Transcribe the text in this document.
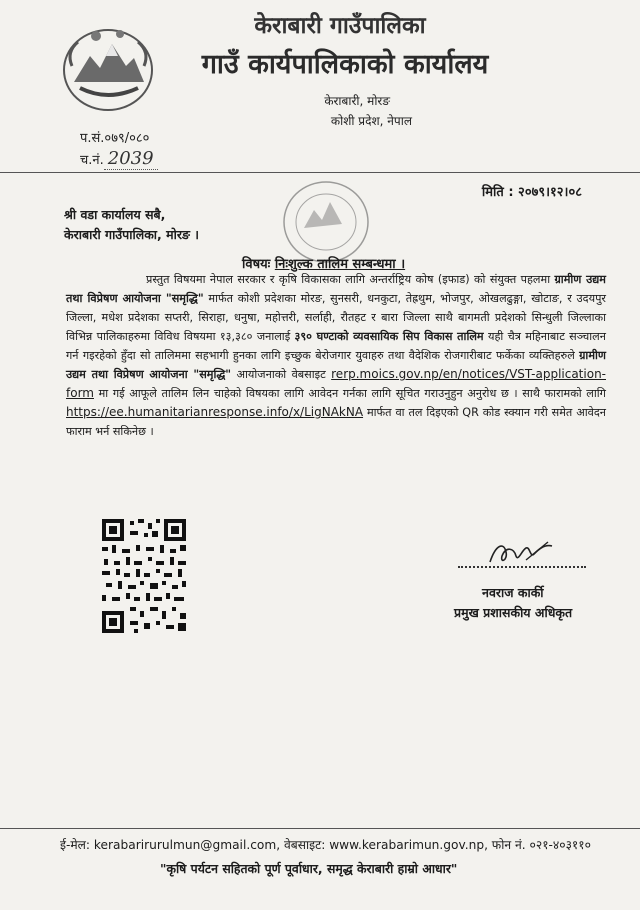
केराबारी गाउँपालिका
गाउँ कार्यपालिकाको कार्यालय
केराबारी, मोरङ
कोशी प्रदेश, नेपाल
प.सं.०७९/०८०
च.नं. 2039
मिति : २०७९।१२।०८
श्री वडा कार्यालय सबै,
केराबारी गाउँपालिका, मोरङ ।
विषयः निःशुल्क तालिम सम्बन्धमा ।

प्रस्तुत विषयमा नेपाल सरकार र कृषि विकासका लागि अन्तर्राष्ट्रिय कोष (इफाड) को संयुक्त पहलमा ग्रामीण उद्यम तथा विप्रेषण आयोजना "समृद्धि" मार्फत कोशी प्रदेशका मोरङ, सुनसरी, धनकुटा, तेह्रथुम, भोजपुर, ओखलढुङ्गा, खोटाङ, र उदयपुर जिल्ला, मधेश प्रदेशका सप्तरी, सिराहा, धनुषा, महोत्तरी, सर्लाही, रौतहट र बारा जिल्ला साथै बागमती प्रदेशको सिन्धुली जिल्लाका विभिन्न पालिकाहरुमा विविध विषयमा १३,३८० जनालाई ३९० घण्टाको व्यवसायिक सिप विकास तालिम यही चैत्र महिनाबाट सञ्चालन गर्न गइरहेको हुँदा सो तालिममा सहभागी हुनका लागि इच्छुक बेरोजगार युवाहरु तथा वैदेशिक रोजगारीबाट फर्केका व्यक्तिहरुले ग्रामीण उद्यम तथा विप्रेषण आयोजना "समृद्धि" आयोजनाको वेबसाइट rerp.moics.gov.np/en/notices/VST-application-form मा गई आफूले तालिम लिन चाहेको विषयका लागि आवेदन गर्नका लागि सूचित गराउनुहुन अनुरोध छ । साथै फारामको लागि https://ee.humanitarianresponse.info/x/LigNAkNA मार्फत वा तल दिइएको QR कोड स्क्यान गरी समेत आवेदन फाराम भर्न सकिनेछ ।

नवराज कार्की
प्रमुख प्रशासकीय अधिकृत
ई-मेल: kerabarirurulmun@gmail.com, वेबसाइट: www.kerabarimun.gov.np, फोन नं. ०२१-४०३११०
"कृषि पर्यटन सहितको पूर्ण पूर्वाधार, समृद्ध केराबारी हाम्रो आधार"
